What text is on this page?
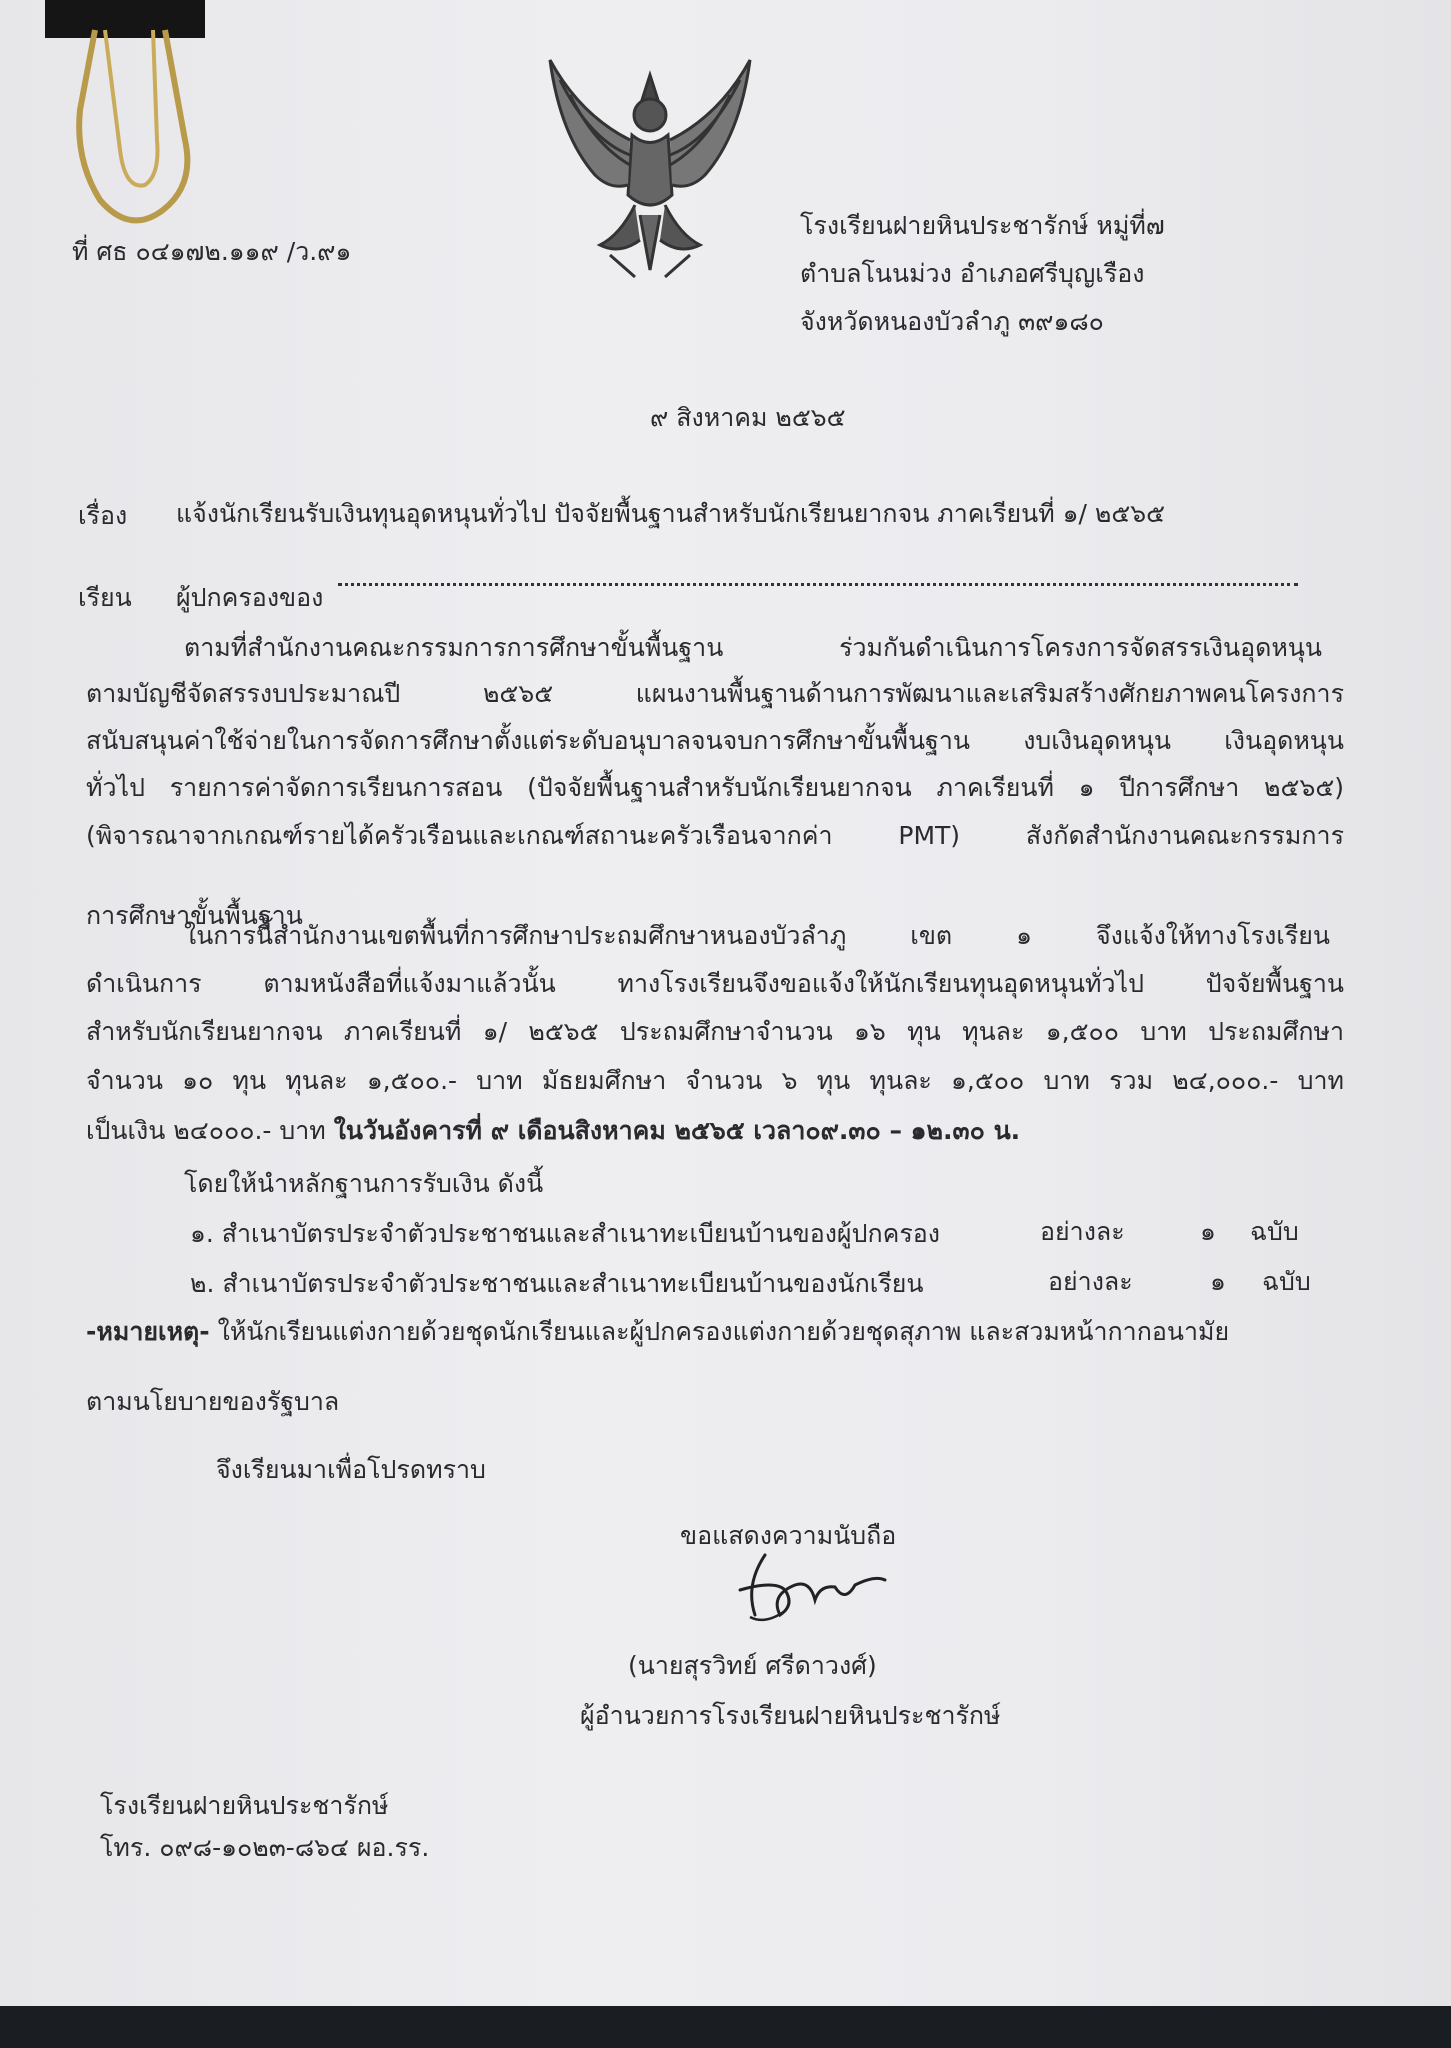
ที่ ศธ ๐๔๑๗๒.๑๑๙ /ว.๙๑
โรงเรียนฝายหินประชารักษ์ หมู่ที่๗
ตำบลโนนม่วง อำเภอศรีบุญเรือง
จังหวัดหนองบัวลำภู ๓๙๑๘๐
๙ สิงหาคม ๒๕๖๕
เรื่อง แจ้งนักเรียนรับเงินทุนอุดหนุนทั่วไป ปัจจัยพื้นฐานสำหรับนักเรียนยากจน ภาคเรียนที่ ๑/ ๒๕๖๕
เรียน ผู้ปกครองของ
ตามที่สำนักงานคณะกรรมการการศึกษาขั้นพื้นฐาน ร่วมกันดำเนินการโครงการจัดสรรเงินอุดหนุน
ตามบัญชีจัดสรรงบประมาณปี ๒๕๖๕ แผนงานพื้นฐานด้านการพัฒนาและเสริมสร้างศักยภาพคนโครงการ
สนับสนุนค่าใช้จ่ายในการจัดการศึกษาตั้งแต่ระดับอนุบาลจนจบการศึกษาขั้นพื้นฐาน งบเงินอุดหนุน เงินอุดหนุน
ทั่วไป รายการค่าจัดการเรียนการสอน (ปัจจัยพื้นฐานสำหรับนักเรียนยากจน ภาคเรียนที่ ๑ ปีการศึกษา ๒๕๖๕)
(พิจารณาจากเกณฑ์รายได้ครัวเรือนและเกณฑ์สถานะครัวเรือนจากค่า PMT) สังกัดสำนักงานคณะกรรมการ
การศึกษาขั้นพื้นฐาน
ในการนี้สำนักงานเขตพื้นที่การศึกษาประถมศึกษาหนองบัวลำภู เขต ๑ จึงแจ้งให้ทางโรงเรียน
ดำเนินการ ตามหนังสือที่แจ้งมาแล้วนั้น ทางโรงเรียนจึงขอแจ้งให้นักเรียนทุนอุดหนุนทั่วไป ปัจจัยพื้นฐาน
สำหรับนักเรียนยากจน ภาคเรียนที่ ๑/ ๒๕๖๕ ประถมศึกษาจำนวน ๑๖ ทุน ทุนละ ๑,๕๐๐ บาท ประถมศึกษา
จำนวน ๑๐ ทุน ทุนละ ๑,๕๐๐.- บาท มัธยมศึกษา จำนวน ๖ ทุน ทุนละ ๑,๕๐๐ บาท รวม ๒๔,๐๐๐.- บาท
เป็นเงิน ๒๔๐๐๐.- บาท ในวันอังคารที่ ๙ เดือนสิงหาคม ๒๕๖๕ เวลา๐๙.๓๐ – ๑๒.๓๐ น.
โดยให้นำหลักฐานการรับเงิน ดังนี้
๑. สำเนาบัตรประจำตัวประชาชนและสำเนาทะเบียนบ้านของผู้ปกครอง	อย่างละ	๑ ฉบับ
๒. สำเนาบัตรประจำตัวประชาชนและสำเนาทะเบียนบ้านของนักเรียน	อย่างละ	๑ ฉบับ
-หมายเหตุ- ให้นักเรียนแต่งกายด้วยชุดนักเรียนและผู้ปกครองแต่งกายด้วยชุดสุภาพ และสวมหน้ากากอนามัย
ตามนโยบายของรัฐบาล
จึงเรียนมาเพื่อโปรดทราบ
ขอแสดงความนับถือ
(นายสุรวิทย์ ศรีดาวงศ์)
ผู้อำนวยการโรงเรียนฝายหินประชารักษ์
โรงเรียนฝายหินประชารักษ์
โทร. ๐๙๘-๑๐๒๓-๘๖๔ ผอ.รร.
